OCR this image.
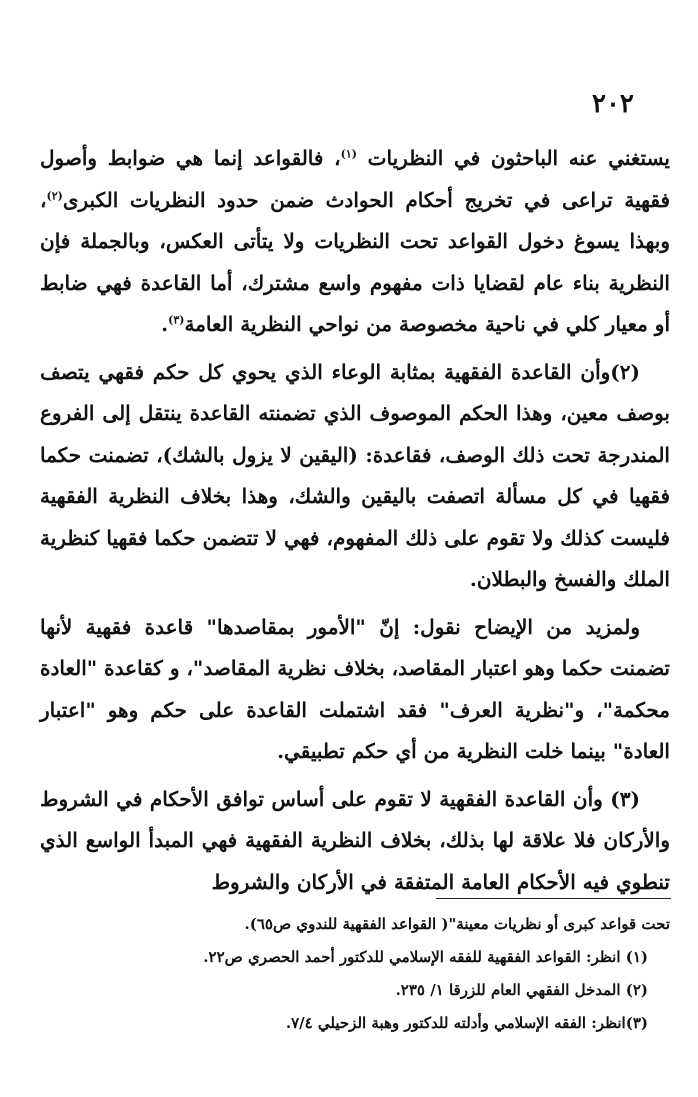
٢٠٢

يستغني عنه الباحثون في النظريات $^{(١)}$، فالقواعد إنما هي ضوابط وأصول فقهية تراعى في تخريج أحكام الحوادث ضمن حدود النظريات الكبرى$^{(٢)}$، وبهذا يسوغ دخول القواعد تحت النظريات ولا يتأتى العكس، وبالجملة فإن النظرية بناء عام لقضايا ذات مفهوم واسع مشترك، أما القاعدة فهي ضابط أو معيار كلي في ناحية مخصوصة من نواحي النظرية العامة$^{(٣)}$.

(٢)وأن القاعدة الفقهية بمثابة الوعاء الذي يحوي كل حكم فقهي يتصف بوصف معين، وهذا الحكم الموصوف الذي تضمنته القاعدة ينتقل إلى الفروع المندرجة تحت ذلك الوصف، فقاعدة: (اليقين لا يزول بالشك)، تضمنت حكما فقهيا في كل مسألة اتصفت باليقين والشك، وهذا بخلاف النظرية الفقهية فليست كذلك ولا تقوم على ذلك المفهوم، فهي لا تتضمن حكما فقهيا كنظرية الملك والفسخ والبطلان.

ولمزيد من الإيضاح نقول: إنّ "الأمور بمقاصدها" قاعدة فقهية لأنها تضمنت حكما وهو اعتبار المقاصد، بخلاف نظرية المقاصد"، و كقاعدة "العادة محكمة"، و"نظرية العرف" فقد اشتملت القاعدة على حكم وهو "اعتبار العادة" بينما خلت النظرية من أي حكم تطبيقي.

(٣) وأن القاعدة الفقهية لا تقوم على أساس توافق الأحكام في الشروط والأركان فلا علاقة لها بذلك، بخلاف النظرية الفقهية فهي المبدأ الواسع الذي تنطوي فيه الأحكام العامة المتفقة في الأركان والشروط

تحت قواعد كبرى أو نظريات معينة"( القواعد الفقهية للندوي ص٦٥).
(١) انظر: القواعد الفقهية للفقه الإسلامي للدكتور أحمد الحصري ص٢٢.
(٢) المدخل الفقهي العام للزرقا ١/ ٢٣٥.
(٣)انظر: الفقه الإسلامي وأدلته للدكتور وهبة الزحيلي ٧/٤.
